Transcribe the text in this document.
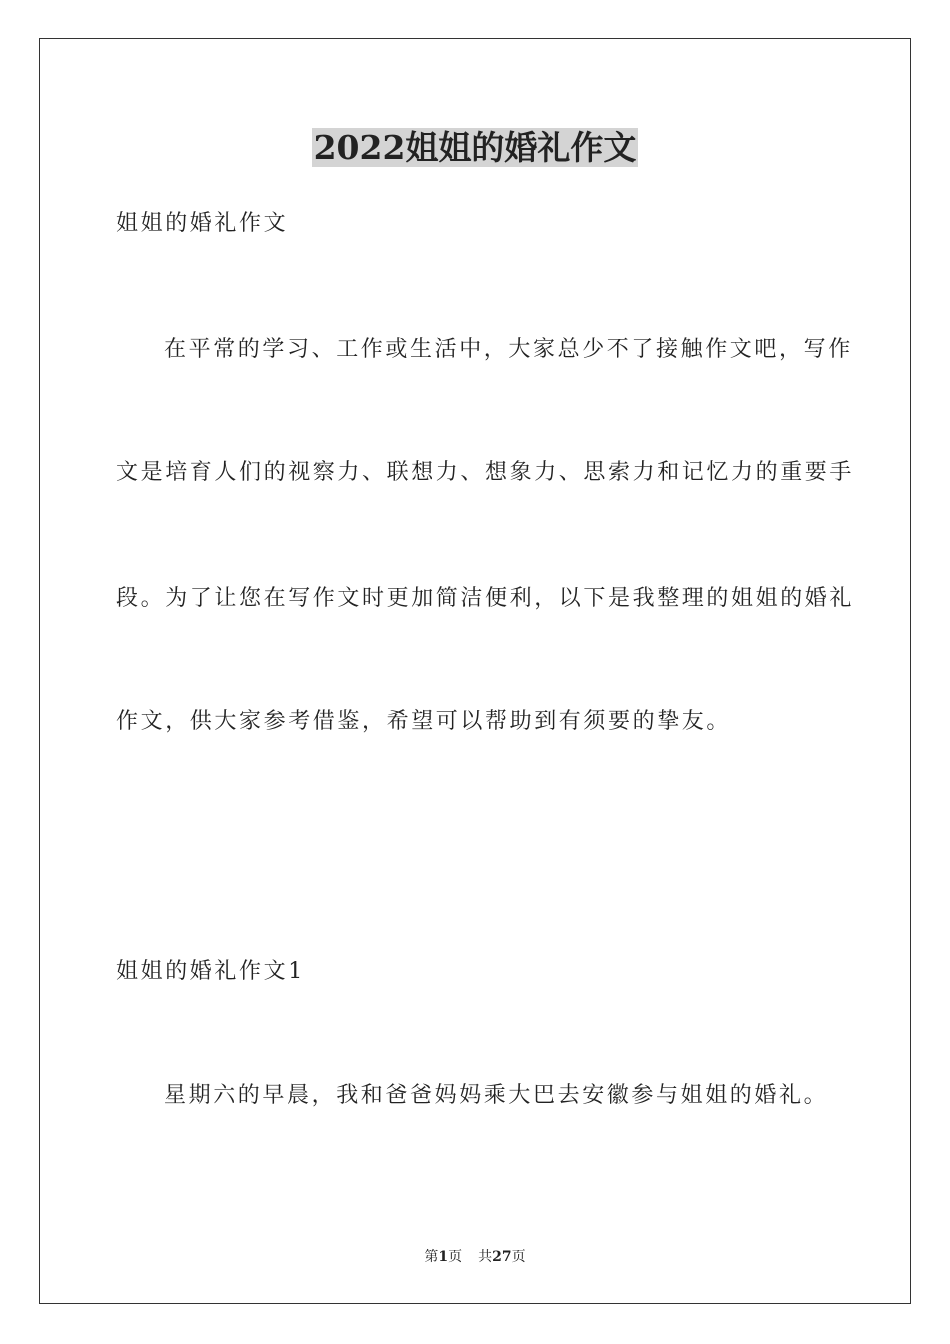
2022姐姐的婚礼作文

姐姐的婚礼作文

在平常的学习、工作或生活中，大家总少不了接触作文吧，写作

文是培育人们的视察力、联想力、想象力、思索力和记忆力的重要手

段。为了让您在写作文时更加简洁便利，以下是我整理的姐姐的婚礼

作文，供大家参考借鉴，希望可以帮助到有须要的挚友。

姐姐的婚礼作文1

星期六的早晨，我和爸爸妈妈乘大巴去安徽参与姐姐的婚礼。

第1页 共27页
